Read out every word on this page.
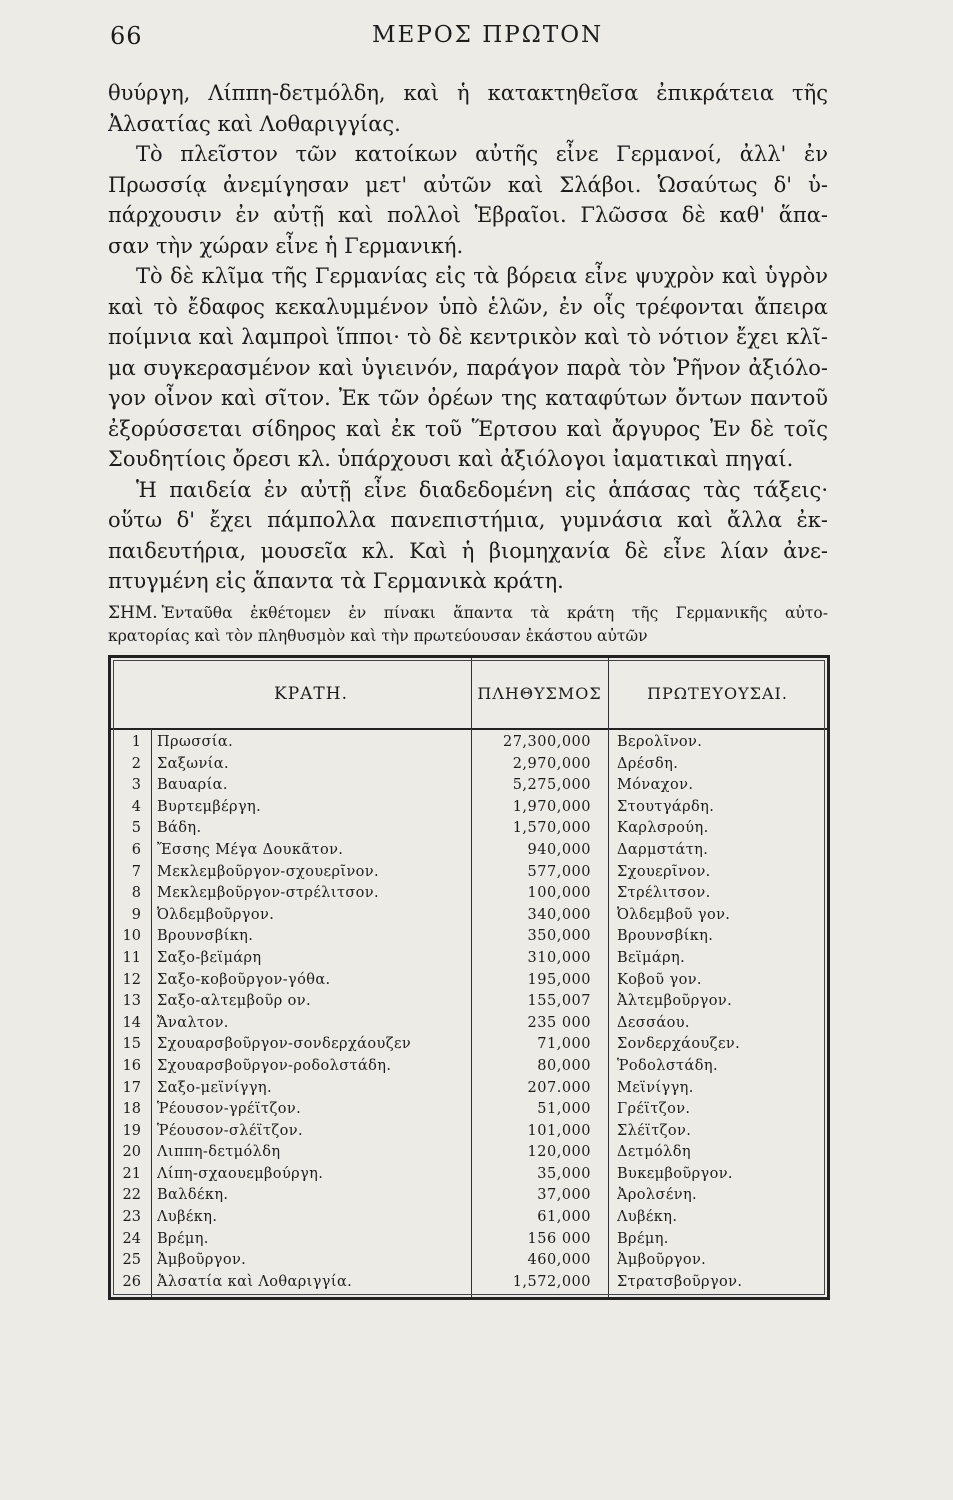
66	ΜΕΡΟΣ ΠΡΩΤΟΝ
θυύργη, Λίππη-δετμόλδη, καὶ ἡ κατακτηθεῖσα ἐπικράτεια τῆς
Ἀλσατίας καὶ Λοθαριγγίας.
Τὸ πλεῖστον τῶν κατοίκων αὐτῆς εἶνε Γερμανοί, ἀλλ' ἐν
Πρωσσίᾳ ἀνεμίγησαν μετ' αὐτῶν καὶ Σλάβοι. Ὡσαύτως δ' ὑ-
πάρχουσιν ἐν αὐτῇ καὶ πολλοὶ Ἑβραῖοι. Γλῶσσα δὲ καθ' ἅπα-
σαν τὴν χώραν εἶνε ἡ Γερμανική.
Τὸ δὲ κλῖμα τῆς Γερμανίας εἰς τὰ βόρεια εἶνε ψυχρὸν καὶ ὑγρὸν
καὶ τὸ ἔδαφος κεκαλυμμένον ὑπὸ ἑλῶν, ἐν οἷς τρέφονται ἄπειρα
ποίμνια καὶ λαμπροὶ ἵπποι· τὸ δὲ κεντρικὸν καὶ τὸ νότιον ἔχει κλῖ-
μα συγκερασμένον καὶ ὑγιεινόν, παράγον παρὰ τὸν Ῥῆνον ἀξιόλο-
γον οἶνον καὶ σῖτον. Ἐκ τῶν ὀρέων της καταφύτων ὄντων παντοῦ
ἐξορύσσεται σίδηρος καὶ ἐκ τοῦ Ἕρτσου καὶ ἄργυρος Ἐν δὲ τοῖς
Σουδητίοις ὄρεσι κλ. ὑπάρχουσι καὶ ἀξιόλογοι ἰαματικαὶ πηγαί.
Ἡ παιδεία ἐν αὐτῇ εἶνε διαδεδομένη εἰς ἁπάσας τὰς τάξεις·
οὕτω δ' ἔχει πάμπολλα πανεπιστήμια, γυμνάσια καὶ ἄλλα ἐκ-
παιδευτήρια, μουσεῖα κλ. Καὶ ἡ βιομηχανία δὲ εἶνε λίαν ἀνε-
πτυγμένη εἰς ἅπαντα τὰ Γερμανικὰ κράτη.
ΣΗΜ. Ἐνταῦθα ἐκθέτομεν ἐν πίνακι ἅπαντα τὰ κράτη τῆς Γερμανικῆς αὐτο-
κρατορίας καὶ τὸν πληθυσμὸν καὶ τὴν πρωτεύουσαν ἑκάστου αὐτῶν
ΚΡΑΤΗ.	ΠΛΗΘΥΣΜΟΣ	ΠΡΩΤΕΥΟΥΣΑΙ.
1 Πρωσσία.	27,300,000 Βερολῖνον.
2 Σαξωνία.	2,970,000 Δρέσδη.
3 Βαυαρία.	5,275,000 Μόναχον.
4 Βυρτεμβέργη.	1,970,000 Στουτγάρδη.
5 Βάδη.	1,570,000 Καρλσρούη.
6 Ἔσσης Μέγα Δουκᾶτον.	940,000 Δαρμστάτη.
7 Μεκλεμβοῦργον-σχουερῖνον.	577,000 Σχουερῖνον.
8 Μεκλεμβοῦργον-στρέλιτσον.	100,000 Στρέλιτσον.
9 Ὀλδεμβοῦργον.	340,000 Ὀλδεμβοῦ γον.
10 Βρουνσβίκη.	350,000 Βρουνσβίκη.
11 Σαξο-βεϊμάρη	310,000 Βεϊμάρη.
12 Σαξο-κοβοῦργον-γόθα.	195,000 Κοβοῦ γον.
13 Σαξο-αλτεμβοῦρ ον.	155,007 Ἀλτεμβοῦργον.
14 Ἄναλτον.	235 000 Δεσσάου.
15 Σχουαρσβοῦργον-σονδερχάουζεν	71,000 Σονδερχάουζεν.
16 Σχουαρσβοῦργον-ροδολστάδη.	80,000 Ῥοδολστάδη.
17 Σαξο-μεϊνίγγη.	207.000 Μεϊνίγγη.
18 Ῥέουσον-γρέϊτζον.	51,000 Γρέϊτζον.
19 Ῥέουσον-σλέϊτζον.	101,000 Σλέϊτζον.
20 Λιππη-δετμόλδη	120,000 Δετμόλδη
21 Λίπη-σχαουεμβούργη.	35,000 Βυκεμβοῦργον.
22 Βαλδέκη.	37,000 Ἀρολσένη.
23 Λυβέκη.	61,000 Λυβέκη.
24 Βρέμη.	156 000 Βρέμη.
25 Ἀμβοῦργον.	460,000 Ἀμβοῦργον.
26 Ἀλσατία καὶ Λοθαριγγία.	1,572,000 Στρατσβοῦργον.
